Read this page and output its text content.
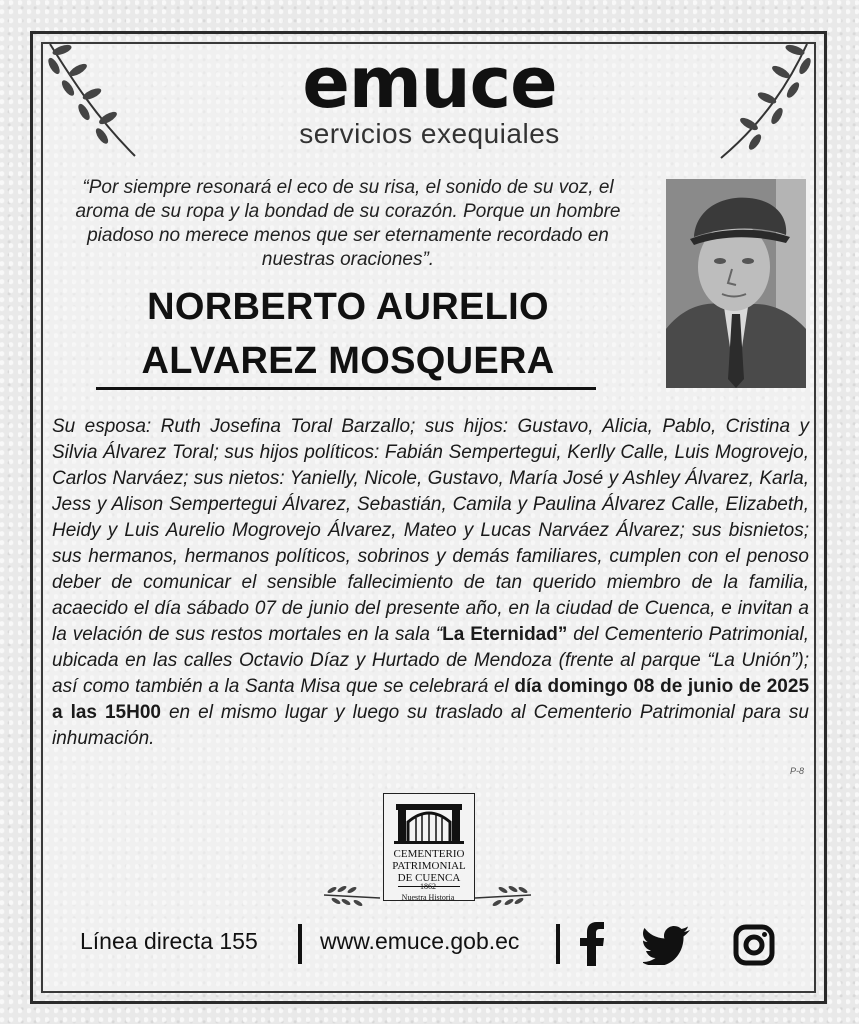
emuce
servicios exequiales
“Por siempre resonará el eco de su risa, el sonido de su voz, el aroma de su ropa y la bondad de su corazón. Porque un hombre piadoso no merece menos que ser eternamente recordado en nuestras oraciones”.
NORBERTO AURELIO
ALVAREZ MOSQUERA
Su esposa: Ruth Josefina Toral Barzallo; sus hijos: Gustavo, Alicia, Pablo, Cristina y Silvia Álvarez Toral; sus hijos políticos: Fabián Sempertegui, Kerlly Calle, Luis Mogrovejo, Carlos Narváez; sus nietos: Yanielly, Nicole, Gustavo, María José y Ashley Álvarez, Karla, Jess y Alison Sempertegui Álvarez, Sebastián, Camila y Paulina Álvarez Calle, Elizabeth, Heidy y Luis Aurelio Mogrovejo Álvarez, Mateo y Lucas Narváez Álvarez; sus bisnietos; sus hermanos, hermanos políticos, sobrinos y demás familiares, cumplen con el penoso deber de comunicar el sensible fallecimiento de tan querido miembro de la familia, acaecido el día sábado 07 de junio del presente año, en la ciudad de Cuenca, e invitan a la velación de sus restos mortales en la sala “La Eternidad” del Cementerio Patrimonial, ubicada en las calles Octavio Díaz y Hurtado de Mendoza (frente al parque “La Unión”); así como también a la Santa Misa que se celebrará el día domingo 08 de junio de 2025 a las 15H00 en el mismo lugar y luego su traslado al Cementerio Patrimonial para su inhumación.
P-8
CEMENTERIO
PATRIMONIAL
DE CUENCA
1862
Nuestra Historia
Línea directa 155	www.emuce.gob.ec
